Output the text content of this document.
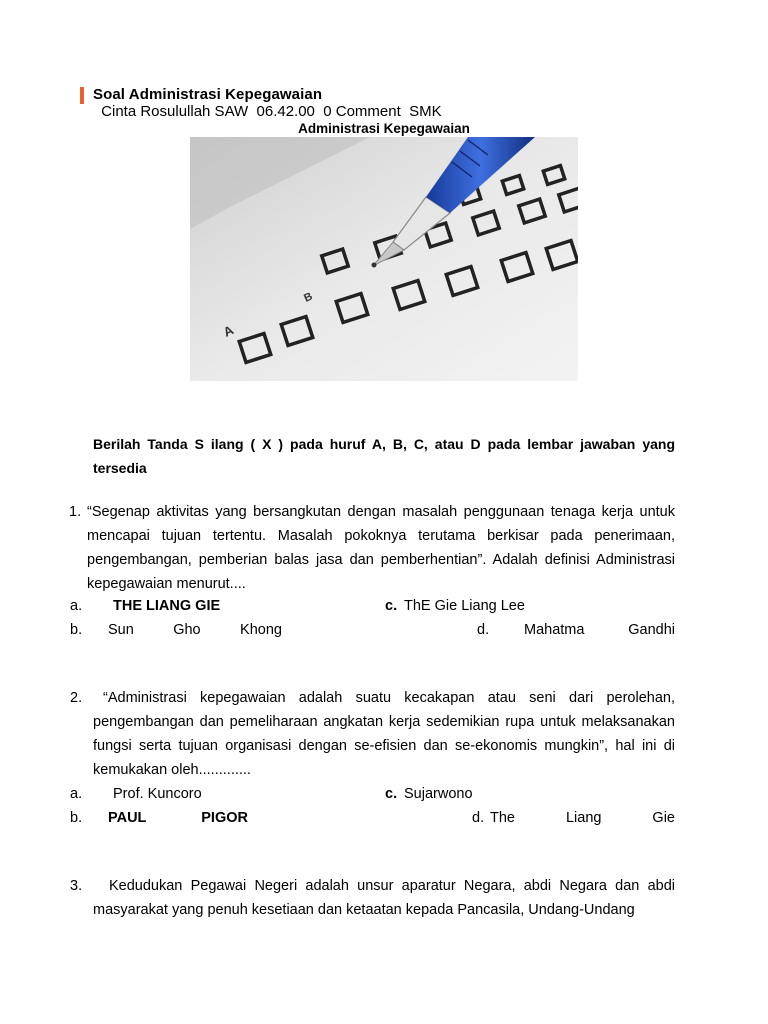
Soal Administrasi Kepegawaian
Cinta Rosulullah SAW  06.42.00  0 Comment  SMK
Administrasi Kepegawaian
A
B
Berilah Tanda S ilang ( X ) pada huruf A, B, C, atau D pada lembar jawaban yang tersedia
1. “Segenap aktivitas yang bersangkutan dengan masalah penggunaan tenaga kerja untuk mencapai tujuan tertentu. Masalah pokoknya terutama berkisar pada penerimaan, pengembangan, pemberian balas jasa dan pemberhentian”. Adalah definisi Administrasi kepegawaian menurut....
a. THE LIANG GIE	c. ThE Gie Liang Lee
b. Sun	Gho	Khong	d. Mahatma	Gandhi
2.	“Administrasi kepegawaian adalah suatu kecakapan atau seni dari perolehan, pengembangan dan pemeliharaan angkatan kerja sedemikian rupa untuk melaksanakan fungsi serta tujuan organisasi dengan se-efisien dan se-ekonomis mungkin”, hal ini di kemukakan oleh.............
a. Prof. Kuncoro	c. Sujarwono
b. PAUL	PIGOR	d. The	Liang	Gie
3.	Kedudukan Pegawai Negeri adalah unsur aparatur Negara, abdi Negara dan abdi masyarakat yang penuh kesetiaan dan ketaatan kepada Pancasila, Undang-Undang
